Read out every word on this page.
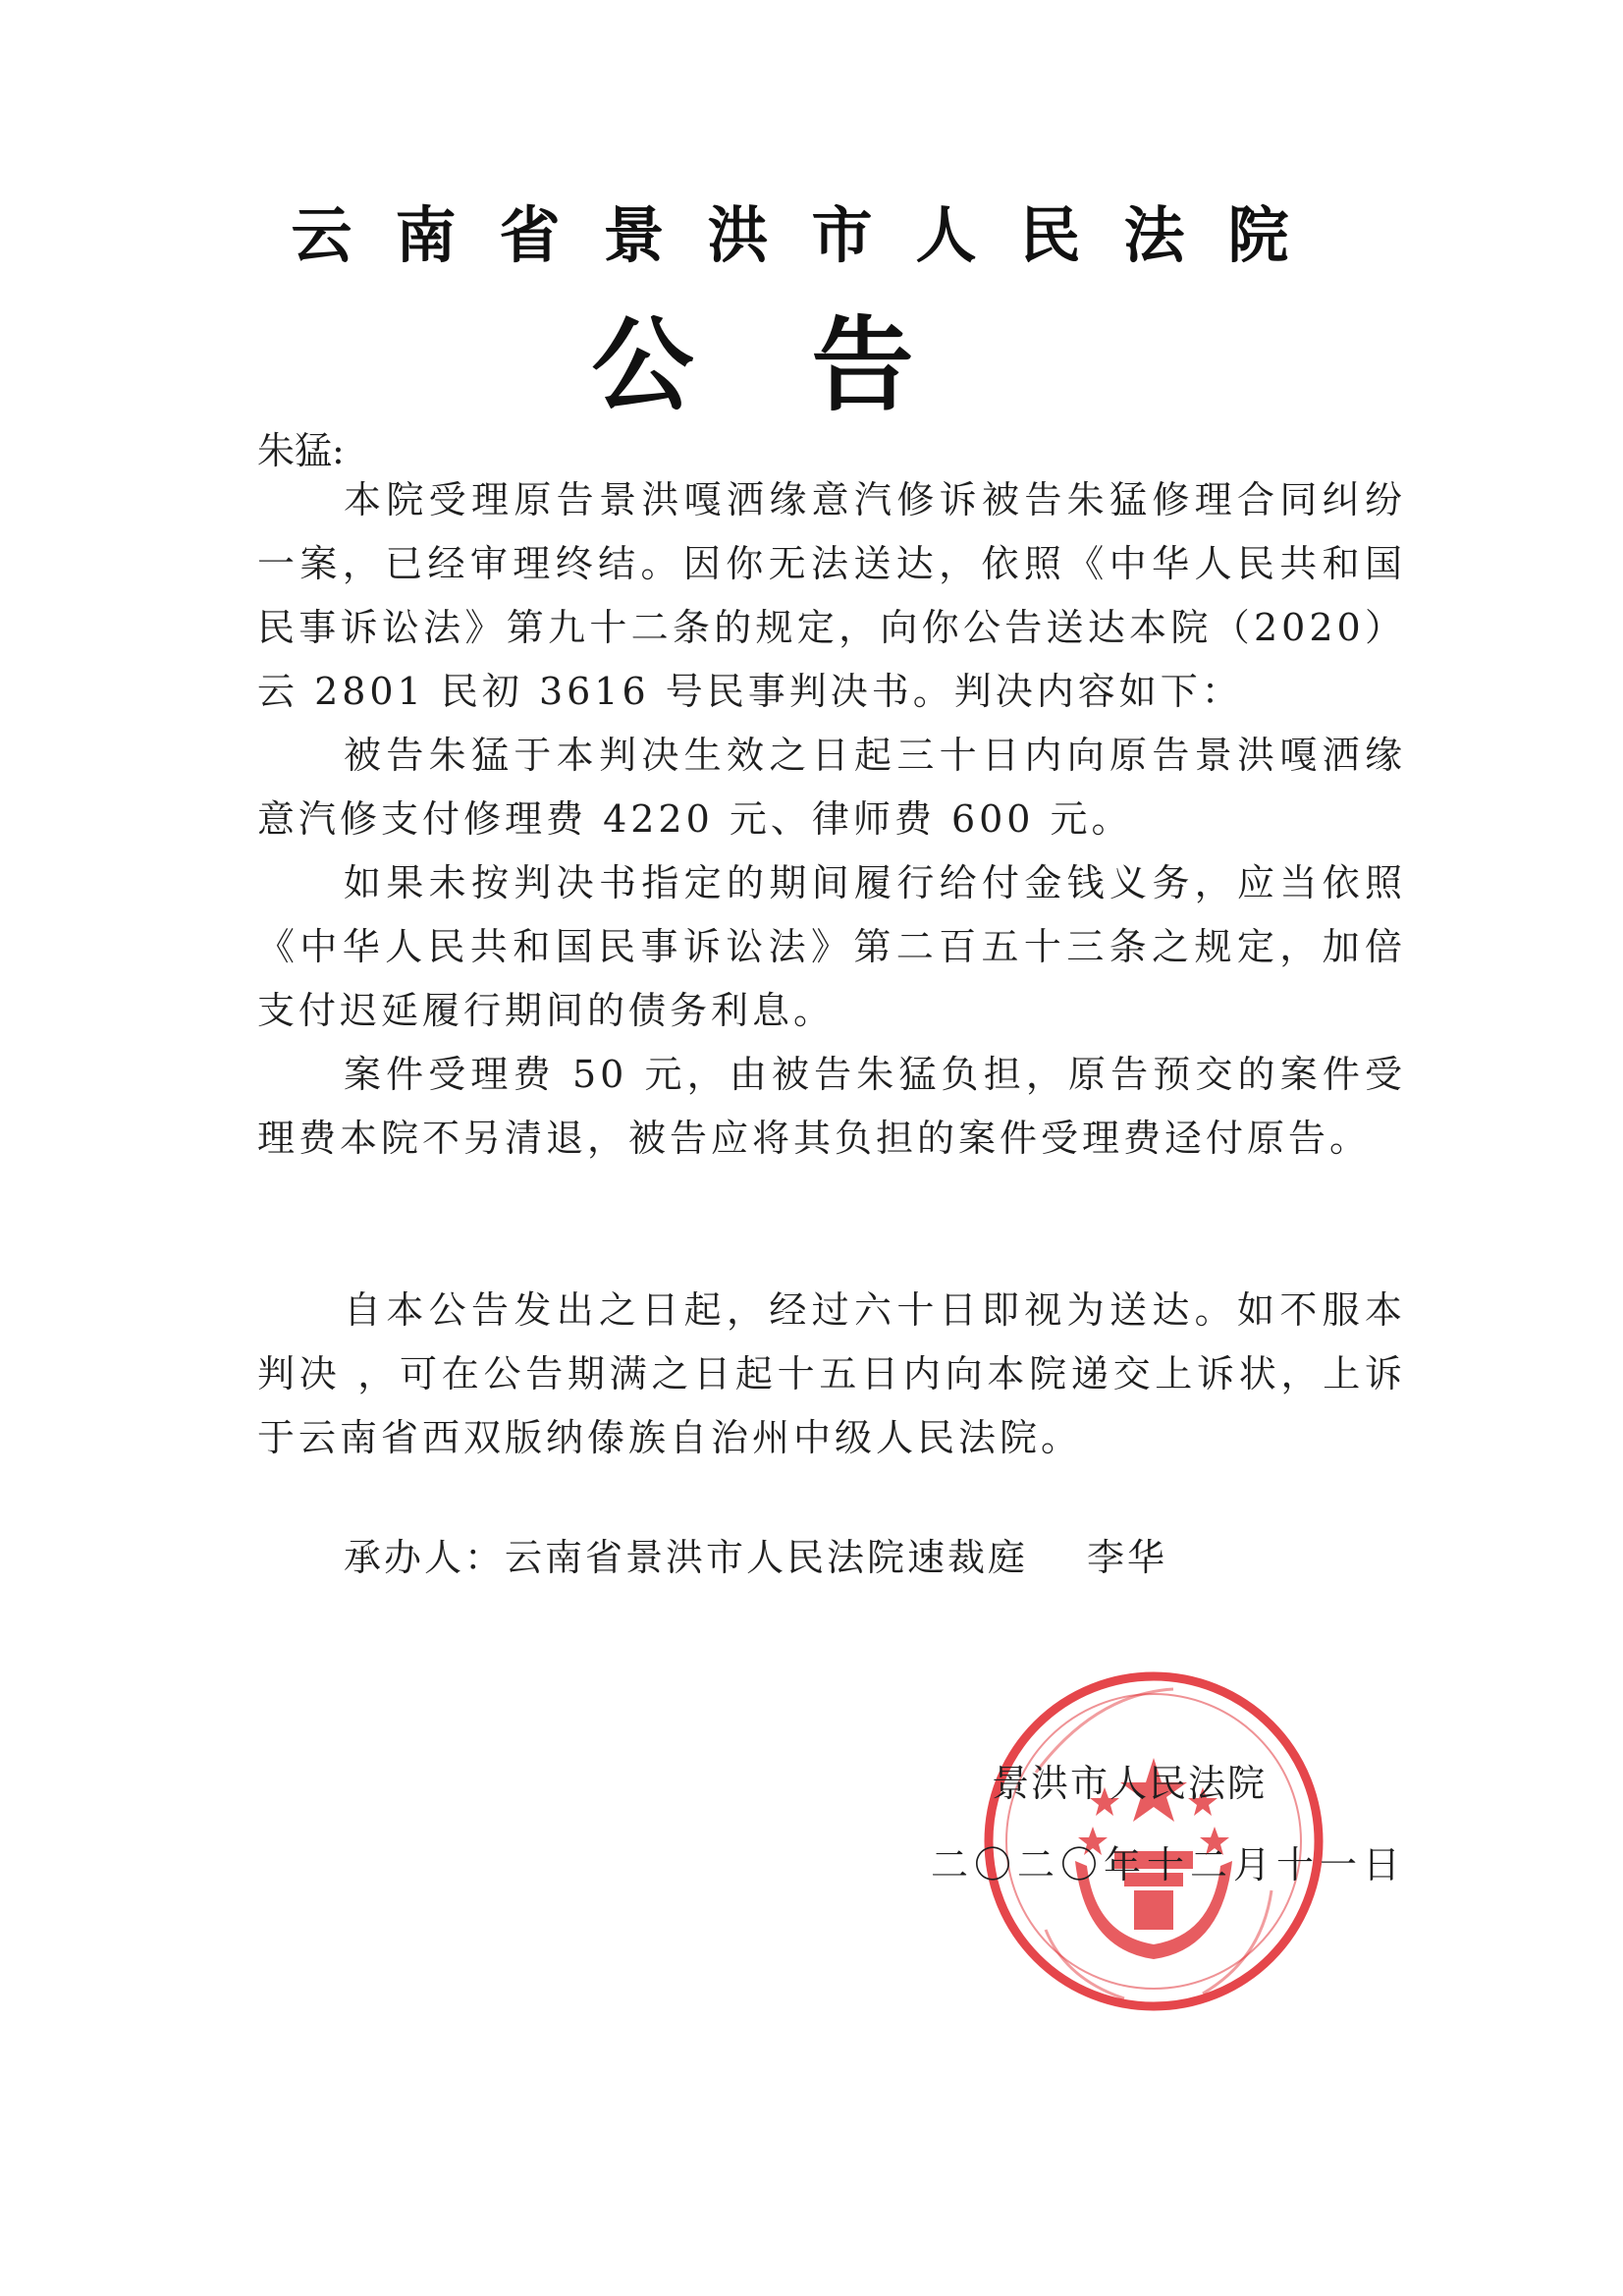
云南省景洪市人民法院
公告
朱猛:

本院受理原告景洪嘎洒缘意汽修诉被告朱猛修理合同纠纷一案，已经审理终结。因你无法送达，依照《中华人民共和国民事诉讼法》第九十二条的规定，向你公告送达本院（2020）云 2801 民初 3616 号民事判决书。判决内容如下：

被告朱猛于本判决生效之日起三十日内向原告景洪嘎洒缘意汽修支付修理费 4220 元、律师费 600 元。

如果未按判决书指定的期间履行给付金钱义务，应当依照《中华人民共和国民事诉讼法》第二百五十三条之规定，加倍支付迟延履行期间的债务利息。

案件受理费 50 元，由被告朱猛负担，原告预交的案件受理费本院不另清退，被告应将其负担的案件受理费迳付原告。

自本公告发出之日起，经过六十日即视为送达。如不服本判决 ，可在公告期满之日起十五日内向本院递交上诉状，上诉于云南省西双版纳傣族自治州中级人民法院。

承办人：云南省景洪市人民法院速裁庭 李华
景洪市人民法院
二〇二〇年十二月十一日
